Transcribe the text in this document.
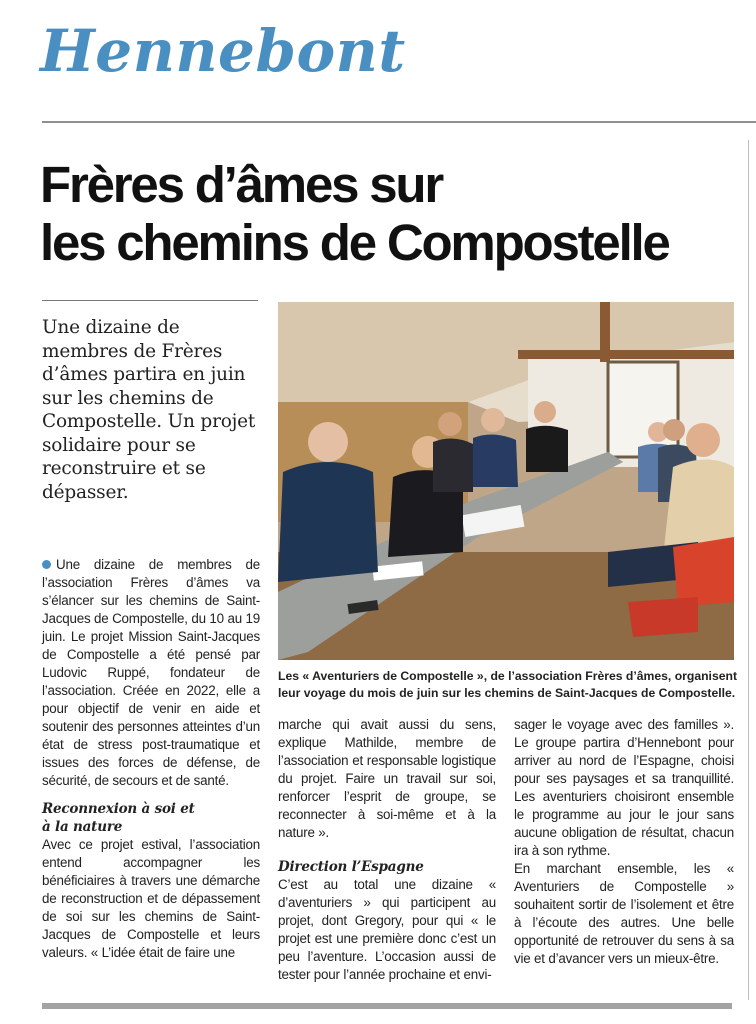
Hennebont
Frères d’âmes sur
les chemins de Compostelle
Une dizaine de membres de Frères d’âmes partira en juin sur les chemins de Compostelle. Un projet solidaire pour se reconstruire et se dépasser.

Une dizaine de membres de l’association Frères d’âmes va s’élancer sur les chemins de Saint-Jacques de Compostelle, du 10 au 19 juin. Le projet Mission Saint-Jacques de Compostelle a été pensé par Ludovic Ruppé, fondateur de l’association. Créée en 2022, elle a pour objectif de venir en aide et soutenir des personnes atteintes d’un état de stress post-traumatique et issues des forces de défense, de sécurité, de secours et de santé.

Reconnexion à soi et à la nature

Avec ce projet estival, l’association entend accompagner les bénéficiaires à travers une démarche de reconstruction et de dépassement de soi sur les chemins de Saint-Jacques de Compostelle et leurs valeurs. « L’idée était de faire une

marche qui avait aussi du sens, explique Mathilde, membre de l’association et responsable logistique du projet. Faire un travail sur soi, renforcer l’esprit de groupe, se reconnecter à soi-même et à la nature ».

Direction l’Espagne

C’est au total une dizaine « d’aventuriers » qui participent au projet, dont Gregory, pour qui « le projet est une première donc c’est un peu l’aventure. L’occasion aussi de tester pour l’année prochaine et envi-

sager le voyage avec des familles ». Le groupe partira d’Hennebont pour arriver au nord de l’Espagne, choisi pour ses paysages et sa tranquillité. Les aventuriers choisiront ensemble le programme au jour le jour sans aucune obligation de résultat, chacun ira à son rythme.

En marchant ensemble, les « Aventuriers de Compostelle » souhaitent sortir de l’isolement et être à l’écoute des autres. Une belle opportunité de retrouver du sens à sa vie et d’avancer vers un mieux-être.

Les « Aventuriers de Compostelle », de l’association Frères d’âmes, organisent leur voyage du mois de juin sur les chemins de Saint-Jacques de Compostelle.
